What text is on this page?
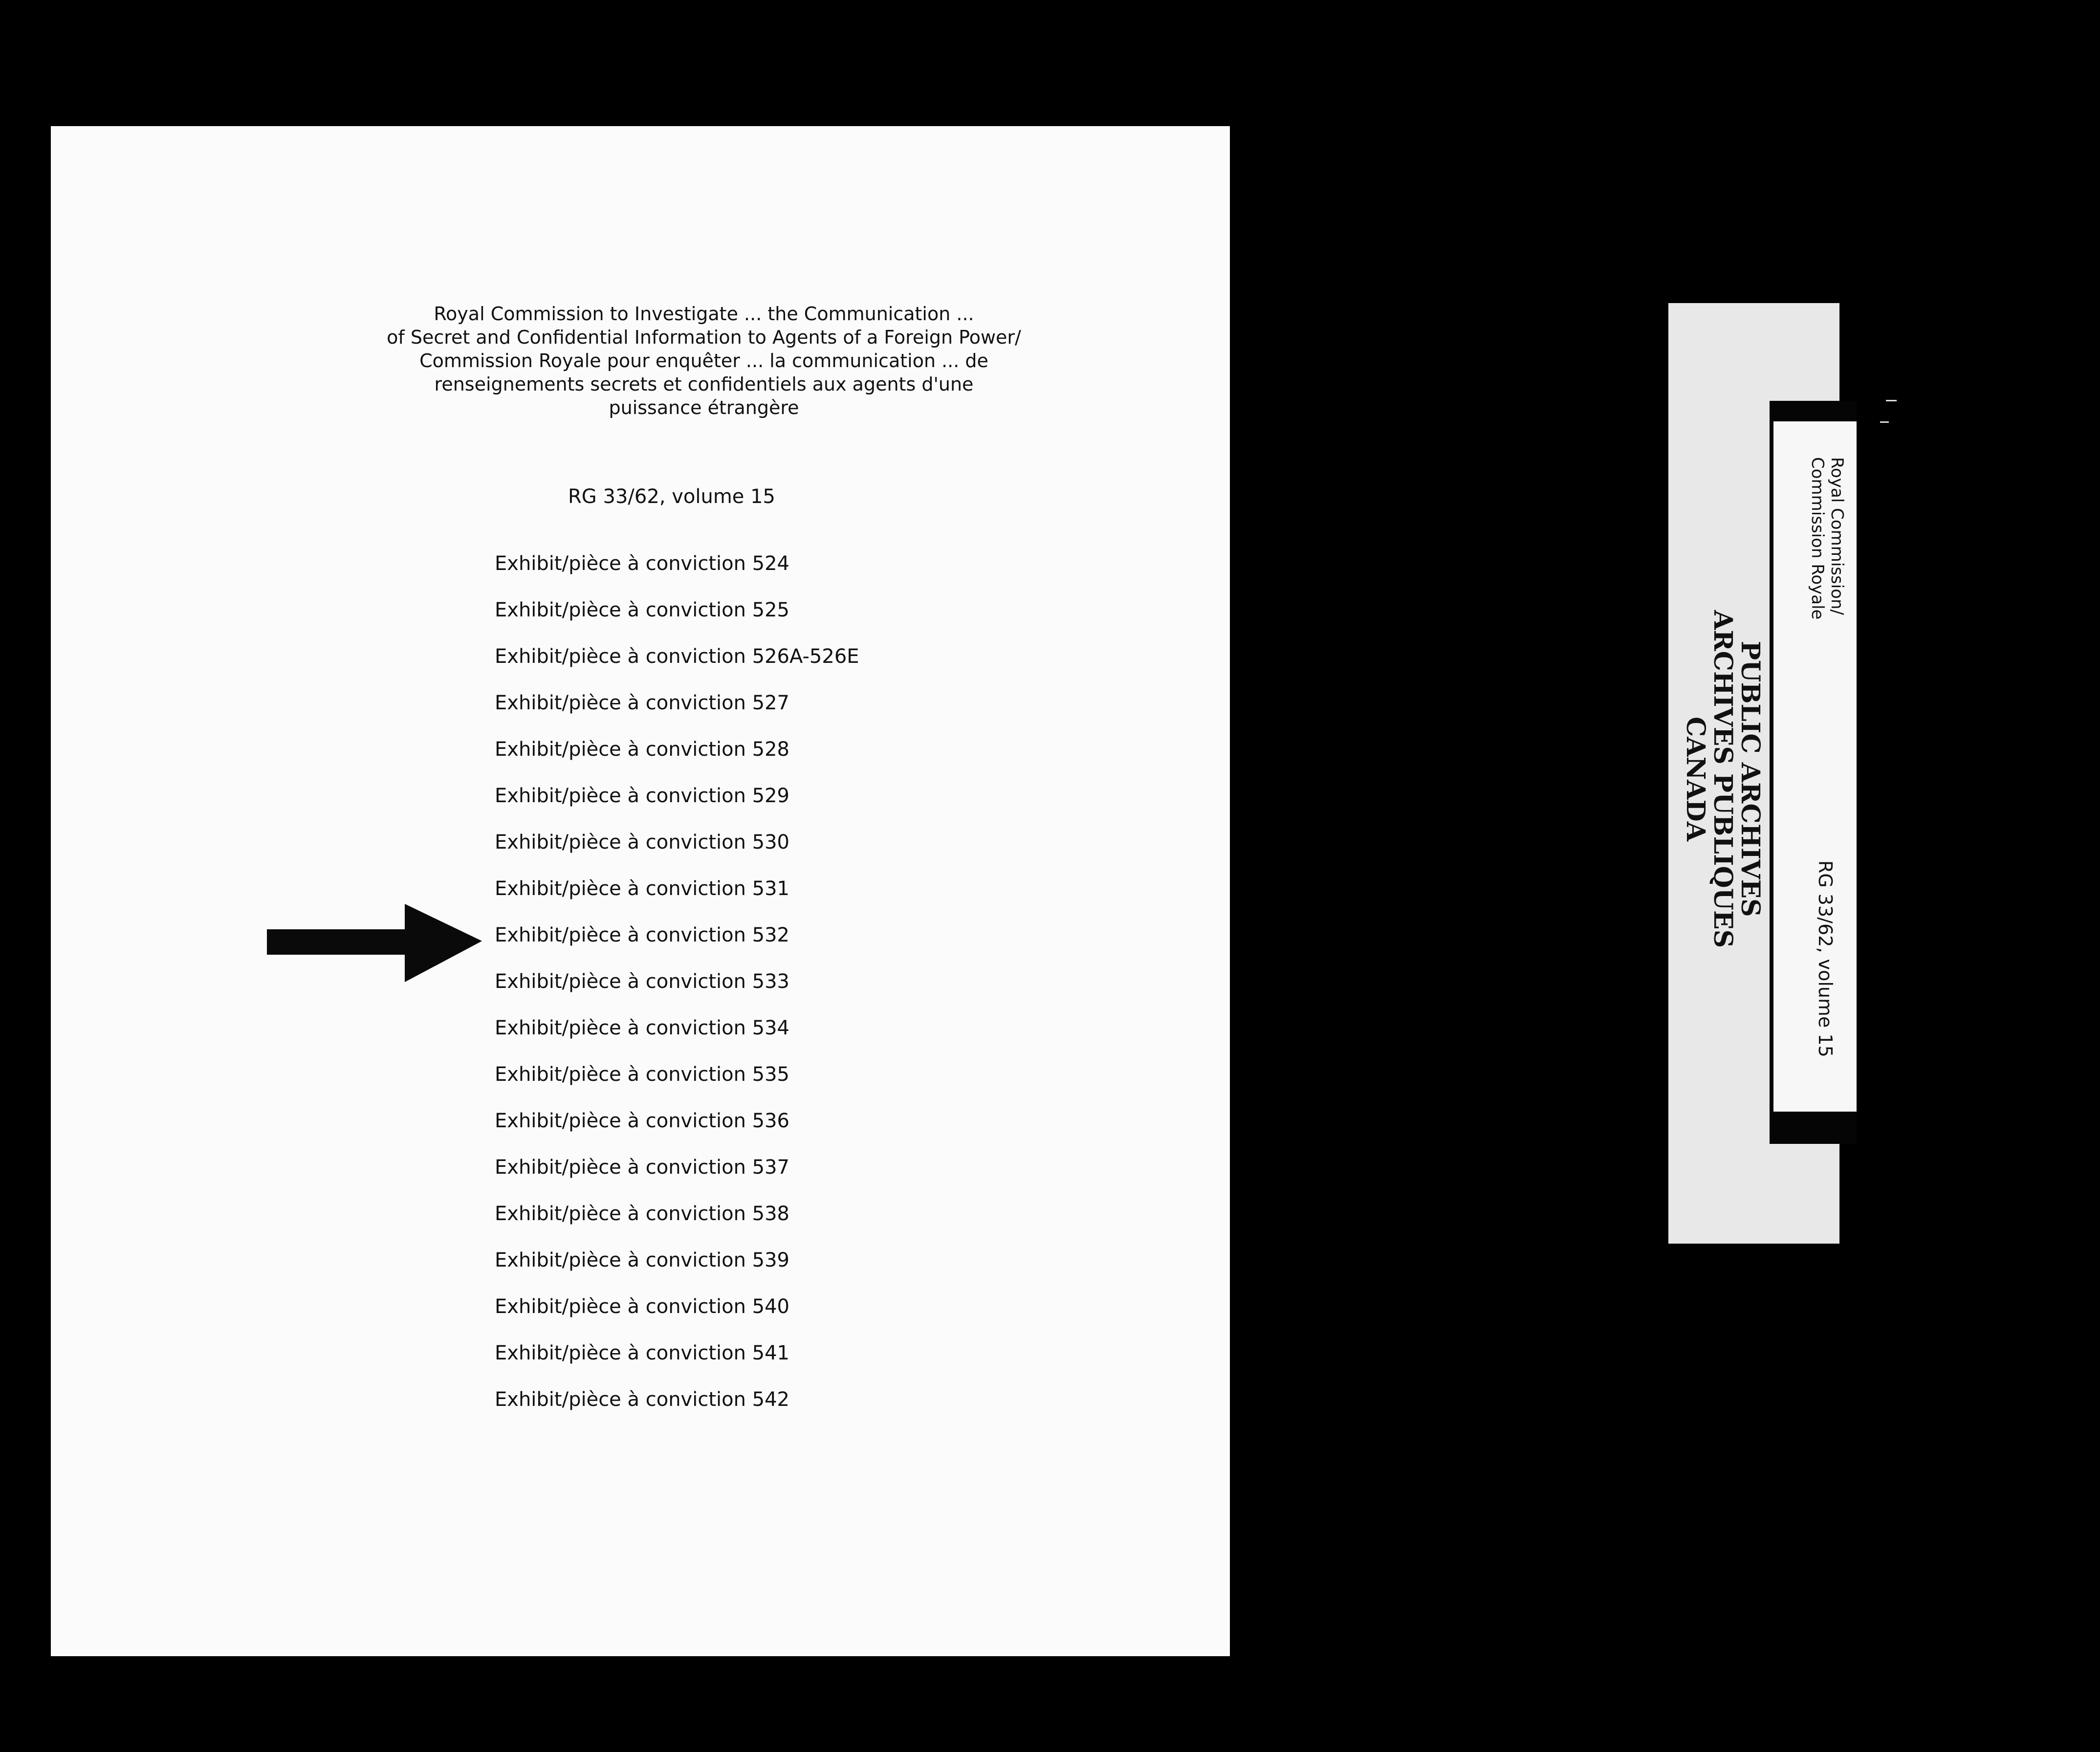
Royal Commission to Investigate ... the Communication ...
of Secret and Confidential Information to Agents of a Foreign Power/
Commission Royale pour enquêter ... la communication ... de
renseignements secrets et confidentiels aux agents d'une
puissance étrangère
RG 33/62, volume 15
Exhibit/pièce à conviction 524
Exhibit/pièce à conviction 525
Exhibit/pièce à conviction 526A-526E
Exhibit/pièce à conviction 527
Exhibit/pièce à conviction 528
Exhibit/pièce à conviction 529
Exhibit/pièce à conviction 530
Exhibit/pièce à conviction 531
Exhibit/pièce à conviction 532
Exhibit/pièce à conviction 533
Exhibit/pièce à conviction 534
Exhibit/pièce à conviction 535
Exhibit/pièce à conviction 536
Exhibit/pièce à conviction 537
Exhibit/pièce à conviction 538
Exhibit/pièce à conviction 539
Exhibit/pièce à conviction 540
Exhibit/pièce à conviction 541
Exhibit/pièce à conviction 542
Royal Commission/
Commission Royale
RG 33/62, volume 15
PUBLIC ARCHIVES
ARCHIVES PUBLIQUES
CANADA
